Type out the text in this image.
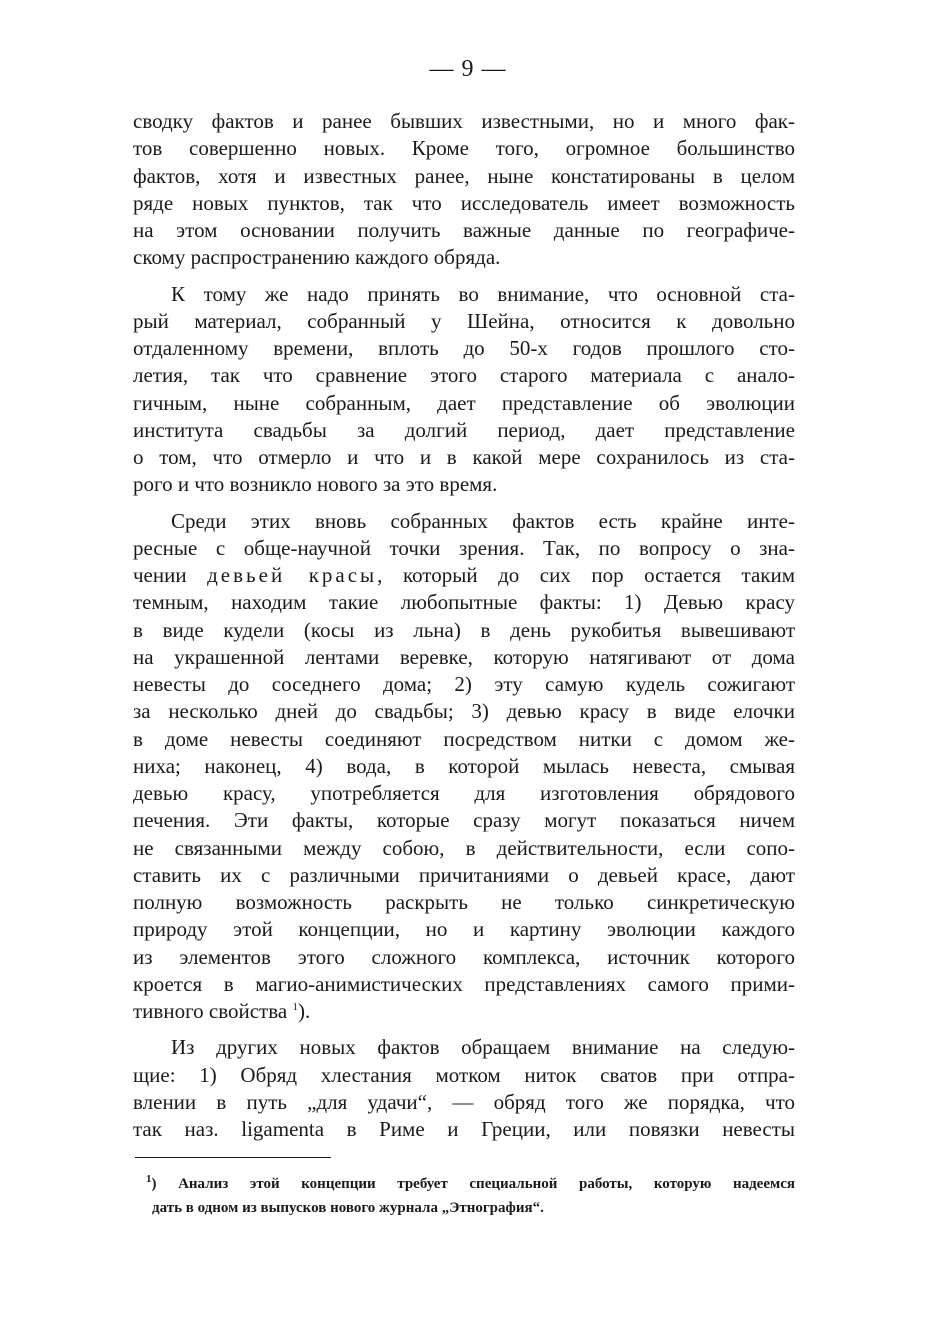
— 9 —
сводку фактов и ранее бывших известными, но и много фак-
тов совершенно новых. Кроме того, огромное большинство
фактов, хотя и известных ранее, ныне констатированы в целом
ряде новых пунктов, так что исследователь имеет возможность
на этом основании получить важные данные по географиче-
скому распространению каждого обряда.
К тому же надо принять во внимание, что основной ста-
рый материал, собранный у Шейна, относится к довольно
отдаленному времени, вплоть до 50-х годов прошлого сто-
летия, так что сравнение этого старого материала с анало-
гичным, ныне собранным, дает представление об эволюции
института свадьбы за долгий период, дает представление
о том, что отмерло и что и в какой мере сохранилось из ста-
рого и что возникло нового за это время.
Среди этих вновь собранных фактов есть крайне инте-
ресные с обще-научной точки зрения. Так, по вопросу о зна-
чении девьей красы, который до сих пор остается таким
темным, находим такие любопытные факты: 1) Девью красу
в виде кудели (косы из льна) в день рукобитья вывешивают
на украшенной лентами веревке, которую натягивают от дома
невесты до соседнего дома; 2) эту самую кудель сожигают
за несколько дней до свадьбы; 3) девью красу в виде елочки
в доме невесты соединяют посредством нитки с домом же-
ниха; наконец, 4) вода, в которой мылась невеста, смывая
девью красу, употребляется для изготовления обрядового
печения. Эти факты, которые сразу могут показаться ничем
не связанными между собою, в действительности, если сопо-
ставить их с различными причитаниями о девьей красе, дают
полную возможность раскрыть не только синкретическую
природу этой концепции, но и картину эволюции каждого
из элементов этого сложного комплекса, источник которого
кроется в магио-анимистических представлениях самого прими-
тивного свойства $^1$).
Из других новых фактов обращаем внимание на следую-
щие: 1) Обряд хлестания мотком ниток сватов при отпра-
влении в путь „для удачи“, — обряд того же порядка, что
так наз. ligamenta в Риме и Греции, или повязки невесты
$^1$) Анализ этой концепции требует специальной работы, которую надеемся
дать в одном из выпусков нового журнала „Этнография“.
